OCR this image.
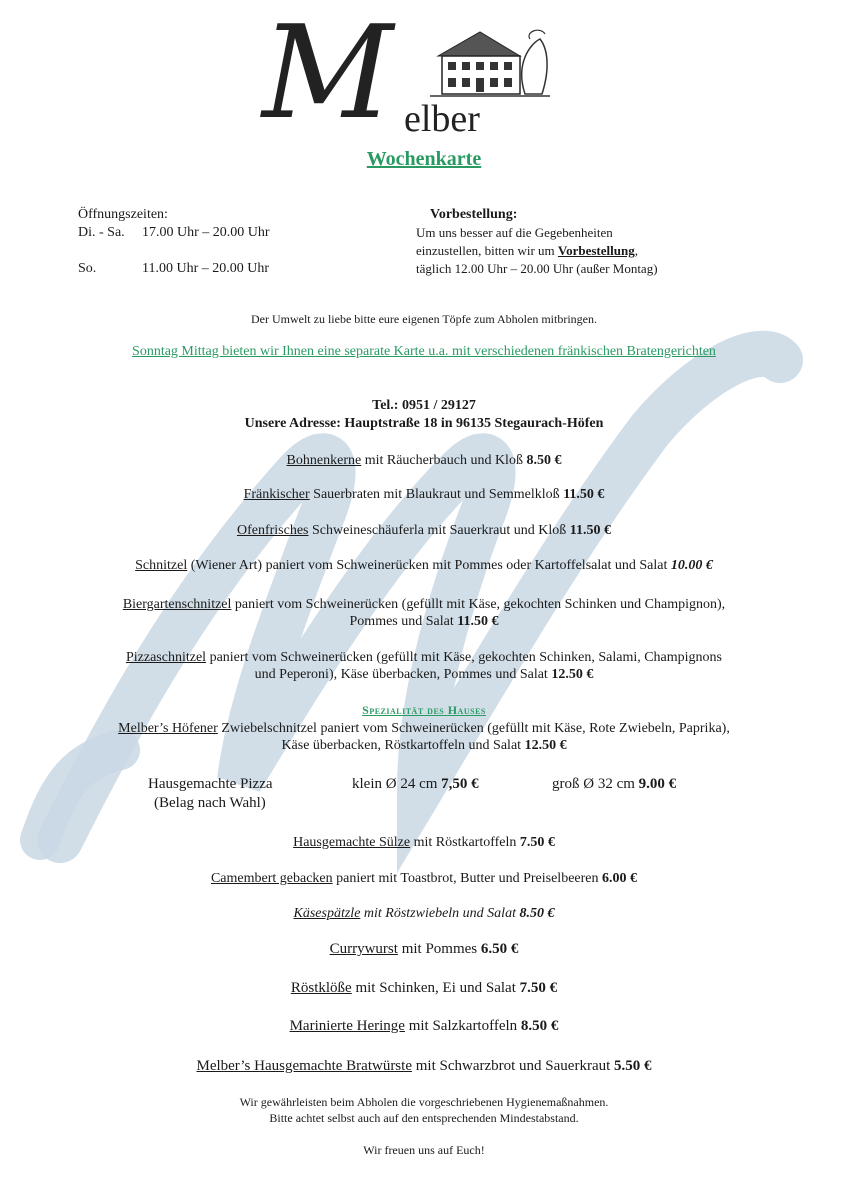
M elber
Wochenkarte
Öffnungszeiten:
Di. - Sa. 17.00 Uhr – 20.00 Uhr
So.	11.00 Uhr – 20.00 Uhr
Vorbestellung:
Um uns besser auf die Gegebenheiten
einzustellen, bitten wir um Vorbestellung,
täglich 12.00 Uhr – 20.00 Uhr (außer Montag)
Der Umwelt zu liebe bitte eure eigenen Töpfe zum Abholen mitbringen.
Sonntag Mittag bieten wir Ihnen eine separate Karte u.a. mit verschiedenen fränkischen Bratengerichten
Tel.: 0951 / 29127
Unsere Adresse: Hauptstraße 18 in 96135 Stegaurach-Höfen
Bohnenkerne mit Räucherbauch und Kloß 8.50 €
Fränkischer Sauerbraten mit Blaukraut und Semmelkloß 11.50 €
Ofenfrisches Schweineschäuferla mit Sauerkraut und Kloß 11.50 €
Schnitzel (Wiener Art) paniert vom Schweinerücken mit Pommes oder Kartoffelsalat und Salat 10.00 €
Biergartenschnitzel paniert vom Schweinerücken (gefüllt mit Käse, gekochten Schinken und Champignon),
Pommes und Salat 11.50 €
Pizzaschnitzel paniert vom Schweinerücken (gefüllt mit Käse, gekochten Schinken, Salami, Champignons
und Peperoni), Käse überbacken, Pommes und Salat 12.50 €
Spezialität des Hauses
Melber’s Höfener Zwiebelschnitzel paniert vom Schweinerücken (gefüllt mit Käse, Rote Zwiebeln, Paprika),
Käse überbacken, Röstkartoffeln und Salat 12.50 €
Hausgemachte Pizza
(Belag nach Wahl)
klein Ø 24 cm 7,50 €	groß Ø 32 cm 9.00 €
Hausgemachte Sülze mit Röstkartoffeln 7.50 €
Camembert gebacken paniert mit Toastbrot, Butter und Preiselbeeren 6.00 €
Käsespätzle mit Röstzwiebeln und Salat 8.50 €
Currywurst mit Pommes 6.50 €
Röstklöße mit Schinken, Ei und Salat 7.50 €
Marinierte Heringe mit Salzkartoffeln 8.50 €
Melber’s Hausgemachte Bratwürste mit Schwarzbrot und Sauerkraut 5.50 €
Wir gewährleisten beim Abholen die vorgeschriebenen Hygienemaßnahmen.
Bitte achtet selbst auch auf den entsprechenden Mindestabstand.
Wir freuen uns auf Euch!
